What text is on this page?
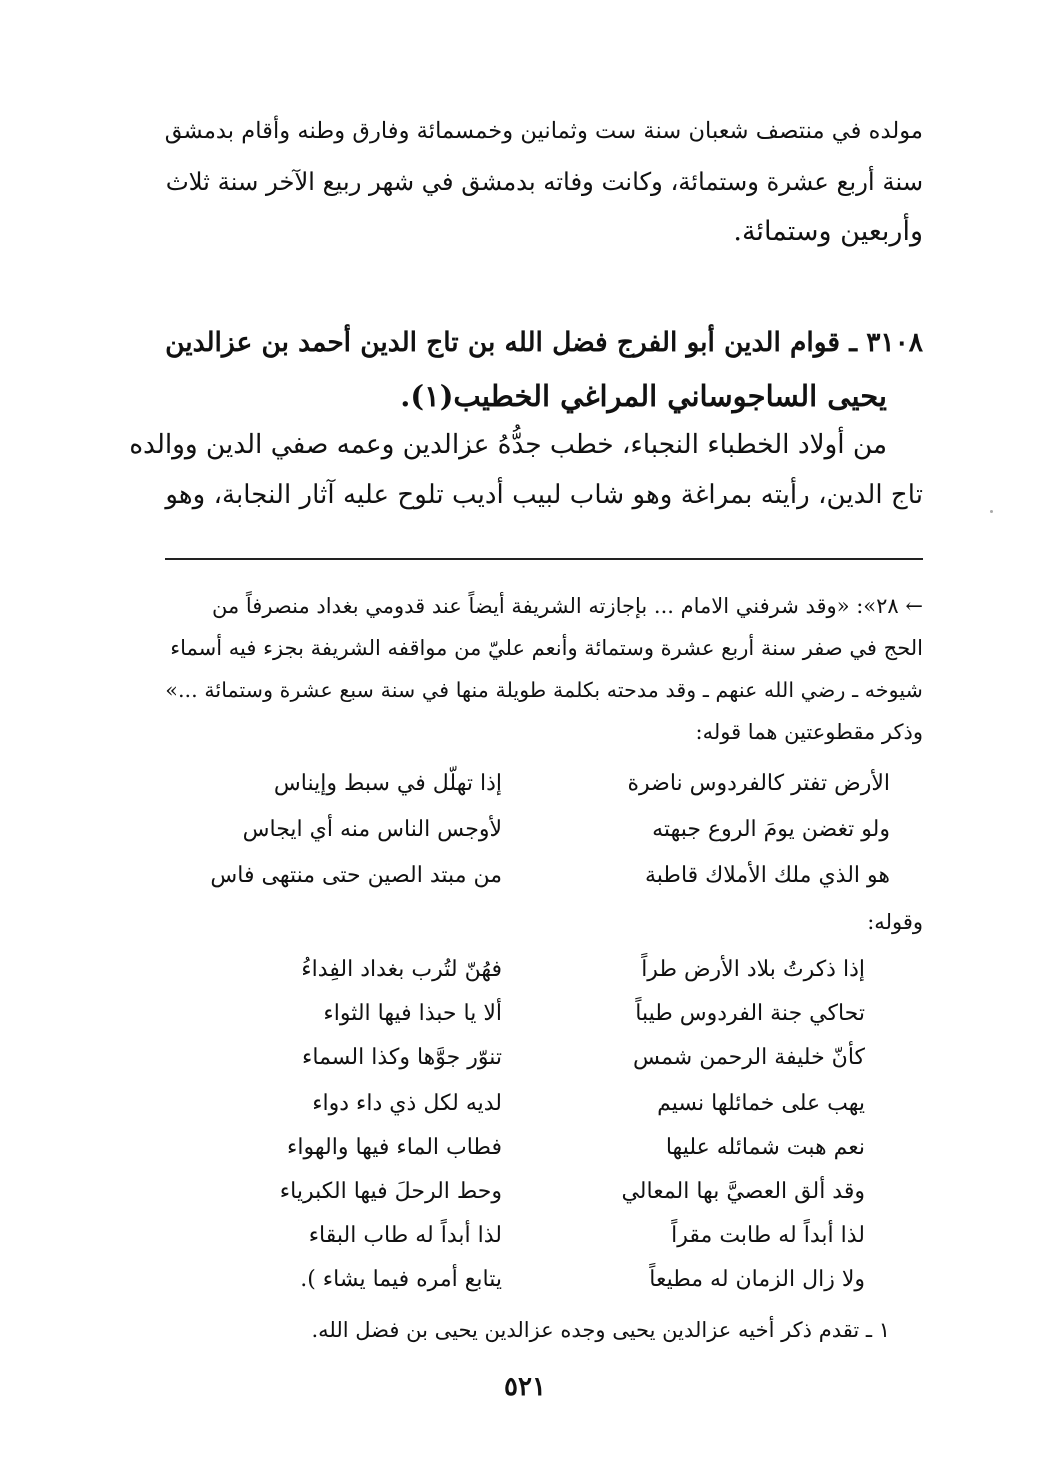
مولده في منتصف شعبان سنة ست وثمانين وخمسمائة وفارق وطنه وأقام بدمشق

سنة أربع عشرة وستمائة، وكانت وفاته بدمشق في شهر ربيع الآخر سنة ثلاث

وأربعين وستمائة.

٣١٠٨ ـ قوام الدين أبو الفرج فضل الله بن تاج الدين أحمد بن عزالدين

يحيى الساجوساني المراغي الخطيب(١).

من أولاد الخطباء النجباء، خطب جدُّهُ عزالدين وعمه صفي الدين ووالده

تاج الدين، رأيته بمراغة وهو شاب لبيب أديب تلوح عليه آثار النجابة، وهو

← ٢٨»: «وقد شرفني الامام ... بإجازته الشريفة أيضاً عند قدومي بغداد منصرفاً من

الحج في صفر سنة أربع عشرة وستمائة وأنعم عليّ من مواقفه الشريفة بجزء فيه أسماء

شيوخه ـ رضي الله عنهم ـ وقد مدحته بكلمة طويلة منها في سنة سبع عشرة وستمائة ...»

وذكر مقطوعتين هما قوله:

الأرض تفتر كالفردوس ناضرة
إذا تهلّل في سبط وإيناس
ولو تغضن يومَ الروع جبهته
لأوجس الناس منه أي ايجاس
هو الذي ملك الأملاك قاطبة
من مبتد الصين حتى منتهى فاس

وقوله:

إذا ذكرتُ بلاد الأرض طراً
فهُنّ لتُرب بغداد الفِداءُ
تحاكي جنة الفردوس طيباً
ألا يا حبذا فيها الثواء
كأنّ خليفة الرحمن شمس
تنوّر جوَّها وكذا السماء
يهب على خمائلها نسيم
لديه لكل ذي داء دواء
نعم هبت شمائله عليها
فطاب الماء فيها والهواء
وقد ألق العصيَّ بها المعالي
وحط الرحلَ فيها الكبرياء
لذا أبداً له طابت مقراً
لذا أبداً له طاب البقاء
ولا زال الزمان له مطيعاً
يتابع أمره فيما يشاء ).

١ ـ تقدم ذكر أخيه عزالدين يحيى وجده عزالدين يحيى بن فضل الله.

٥٢١
